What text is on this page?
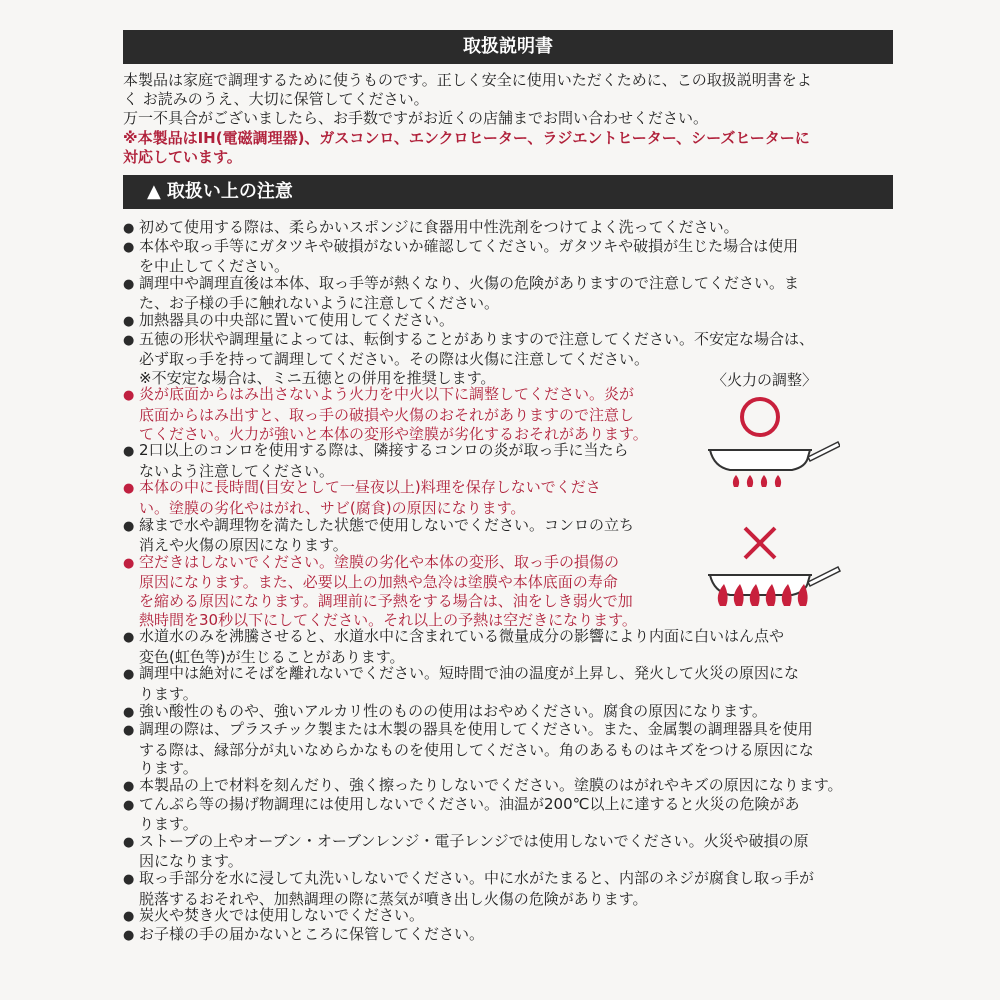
取扱説明書
本製品は家庭で調理するために使うものです。正しく安全に使用いただくために、この取扱説明書をよ
く お読みのうえ、大切に保管してください。
万一不具合がございましたら、お手数ですがお近くの店舗までお問い合わせください。
※本製品はIH(電磁調理器)、ガスコンロ、エンクロヒーター、ラジエントヒーター、シーズヒーターに
対応しています。
▲ 取扱い上の注意
● 初めて使用する際は、柔らかいスポンジに食器用中性洗剤をつけてよく洗ってください。
● 本体や取っ手等にガタツキや破損がないか確認してください。ガタツキや破損が生じた場合は使用
を中止してください。
● 調理中や調理直後は本体、取っ手等が熱くなり、火傷の危険がありますので注意してください。ま
た、お子様の手に触れないように注意してください。
● 加熱器具の中央部に置いて使用してください。
● 五徳の形状や調理量によっては、転倒することがありますので注意してください。不安定な場合は、
必ず取っ手を持って調理してください。その際は火傷に注意してください。
※不安定な場合は、ミニ五徳との併用を推奨します。
● 炎が底面からはみ出さないよう火力を中火以下に調整してください。炎が
底面からはみ出すと、取っ手の破損や火傷のおそれがありますので注意し
てください。火力が強いと本体の変形や塗膜が劣化するおそれがあります。
● 2口以上のコンロを使用する際は、隣接するコンロの炎が取っ手に当たら
ないよう注意してください。
● 本体の中に長時間(目安として一昼夜以上)料理を保存しないでくださ
い。塗膜の劣化やはがれ、サビ(腐食)の原因になります。
● 縁まで水や調理物を満たした状態で使用しないでください。コンロの立ち
消えや火傷の原因になります。
● 空だきはしないでください。塗膜の劣化や本体の変形、取っ手の損傷の
原因になります。また、必要以上の加熱や急冷は塗膜や本体底面の寿命
を縮める原因になります。調理前に予熱をする場合は、油をしき弱火で加
熱時間を30秒以下にしてください。それ以上の予熱は空だきになります。
● 水道水のみを沸騰させると、水道水中に含まれている微量成分の影響により内面に白いはん点や
変色(虹色等)が生じることがあります。
● 調理中は絶対にそばを離れないでください。短時間で油の温度が上昇し、発火して火災の原因にな
ります。
● 強い酸性のものや、強いアルカリ性のものの使用はおやめください。腐食の原因になります。
● 調理の際は、プラスチック製または木製の器具を使用してください。また、金属製の調理器具を使用
する際は、縁部分が丸いなめらかなものを使用してください。角のあるものはキズをつける原因にな
ります。
● 本製品の上で材料を刻んだり、強く擦ったりしないでください。塗膜のはがれやキズの原因になります。
● てんぷら等の揚げ物調理には使用しないでください。油温が200℃以上に達すると火災の危険があ
ります。
● ストーブの上やオーブン・オーブンレンジ・電子レンジでは使用しないでください。火災や破損の原
因になります。
● 取っ手部分を水に浸して丸洗いしないでください。中に水がたまると、内部のネジが腐食し取っ手が
脱落するおそれや、加熱調理の際に蒸気が噴き出し火傷の危険があります。
● 炭火や焚き火では使用しないでください。
● お子様の手の届かないところに保管してください。
〈火力の調整〉
